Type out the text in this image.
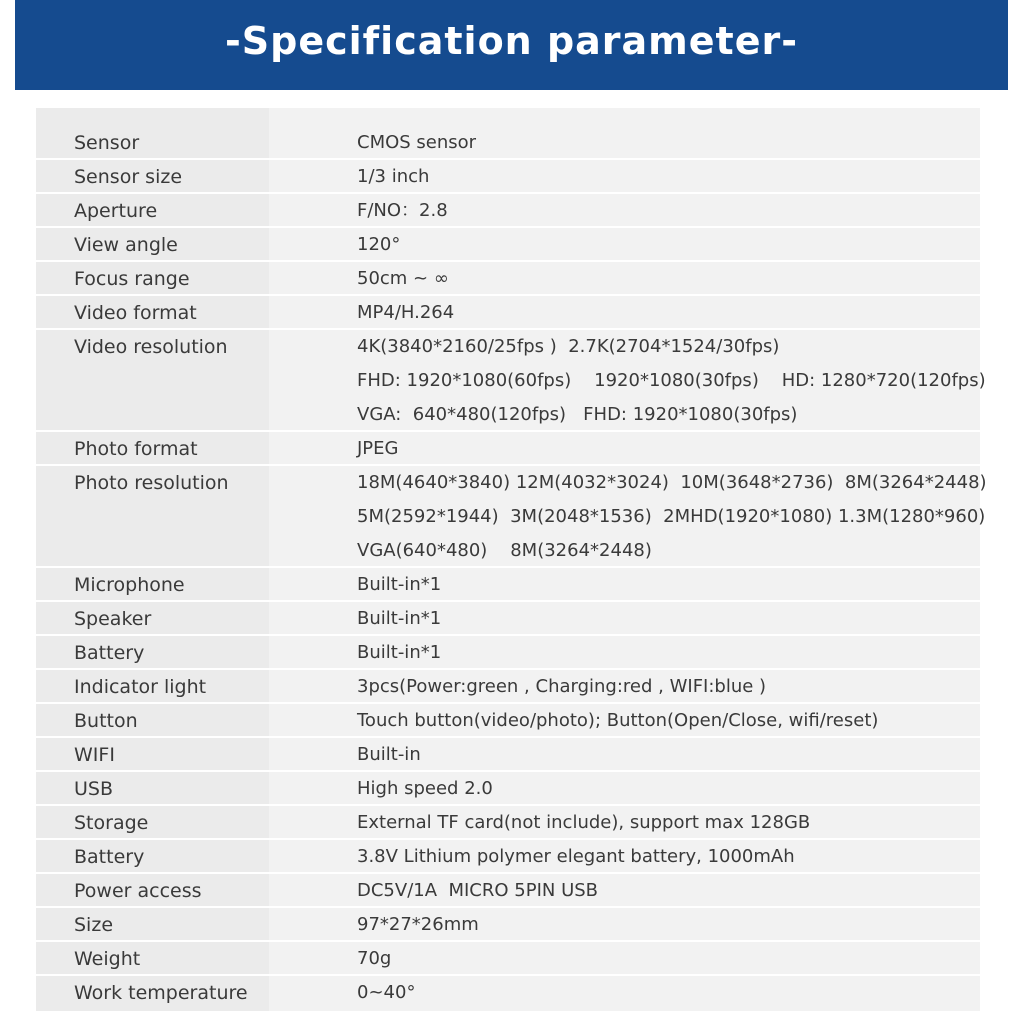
-Specification parameter-
Sensor	CMOS sensor
Sensor size	1/3 inch
Aperture	F/NO：2.8
View angle	120°
Focus range	50cm ~ ∞
Video format	MP4/H.264
Video resolution	4K(3840*2160/25fps )  2.7K(2704*1524/30fps)
FHD: 1920*1080(60fps)    1920*1080(30fps)    HD: 1280*720(120fps)
VGA:  640*480(120fps)   FHD: 1920*1080(30fps)
Photo format	JPEG
Photo resolution	18M(4640*3840) 12M(4032*3024)  10M(3648*2736)  8M(3264*2448)
5M(2592*1944)  3M(2048*1536)  2MHD(1920*1080) 1.3M(1280*960)
VGA(640*480)    8M(3264*2448)
Microphone	Built-in*1
Speaker	Built-in*1
Battery	Built-in*1
Indicator light	3pcs(Power:green , Charging:red , WIFI:blue )
Button	Touch button(video/photo); Button(Open/Close, wifi/reset)
WIFI	Built-in
USB	High speed 2.0
Storage	External TF card(not include), support max 128GB
Battery	3.8V Lithium polymer elegant battery, 1000mAh
Power access	DC5V/1A  MICRO 5PIN USB
Size	97*27*26mm
Weight	70g
Work temperature	0~40°
